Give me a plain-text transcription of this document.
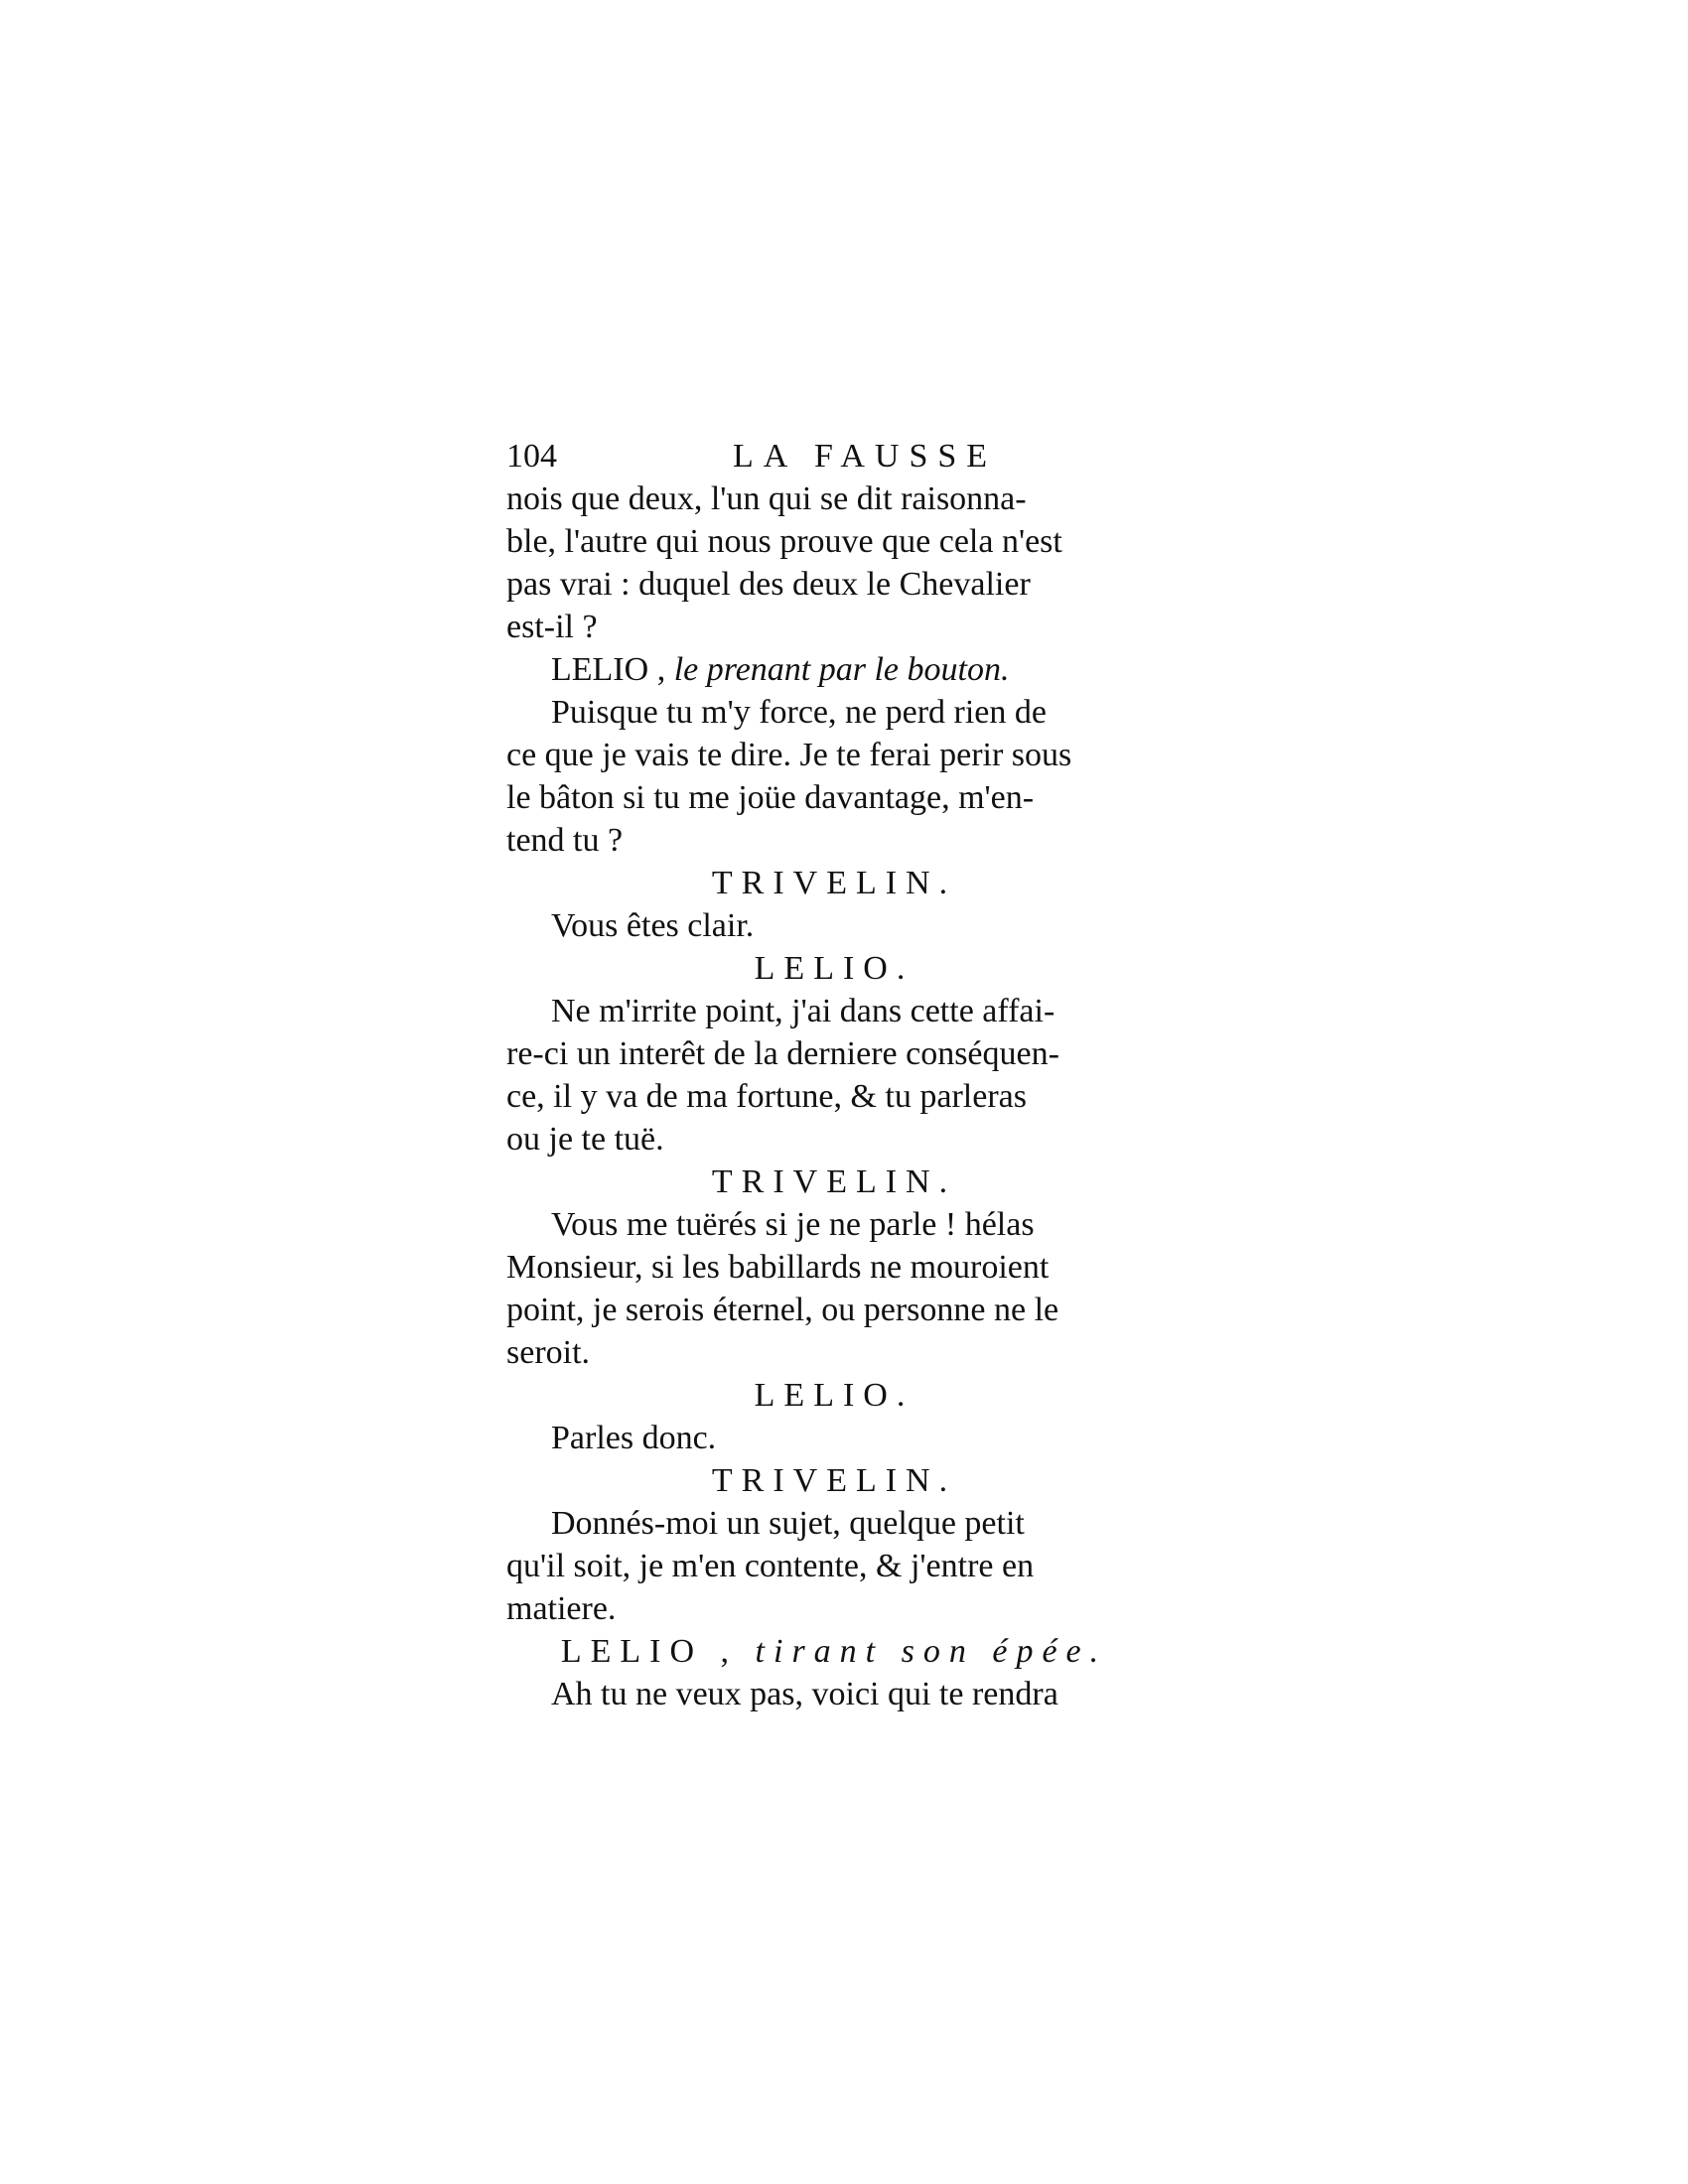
104	LA FAUSSE
nois que deux, l'un qui se dit raisonna-
ble, l'autre qui nous prouve que cela n'est
pas vrai : duquel des deux le Chevalier
est-il ?
LELIO , le prenant par le bouton.
Puisque tu m'y force, ne perd rien de
ce que je vais te dire. Je te ferai perir sous
le bâton si tu me joüe davantage, m'en-
tend tu ?
TRIVELIN.
Vous êtes clair.
LELIO.
Ne m'irrite point, j'ai dans cette affai-
re-ci un interêt de la derniere conséquen-
ce, il y va de ma fortune, & tu parleras
ou je te tuë.
TRIVELIN.
Vous me tuërés si je ne parle ! hélas
Monsieur, si les babillards ne mouroient
point, je serois éternel, ou personne ne le
seroit.
LELIO.
Parles donc.
TRIVELIN.
Donnés-moi un sujet, quelque petit
qu'il soit, je m'en contente, & j'entre en
matiere.
LELIO , tirant son épée.
Ah tu ne veux pas, voici qui te rendra
